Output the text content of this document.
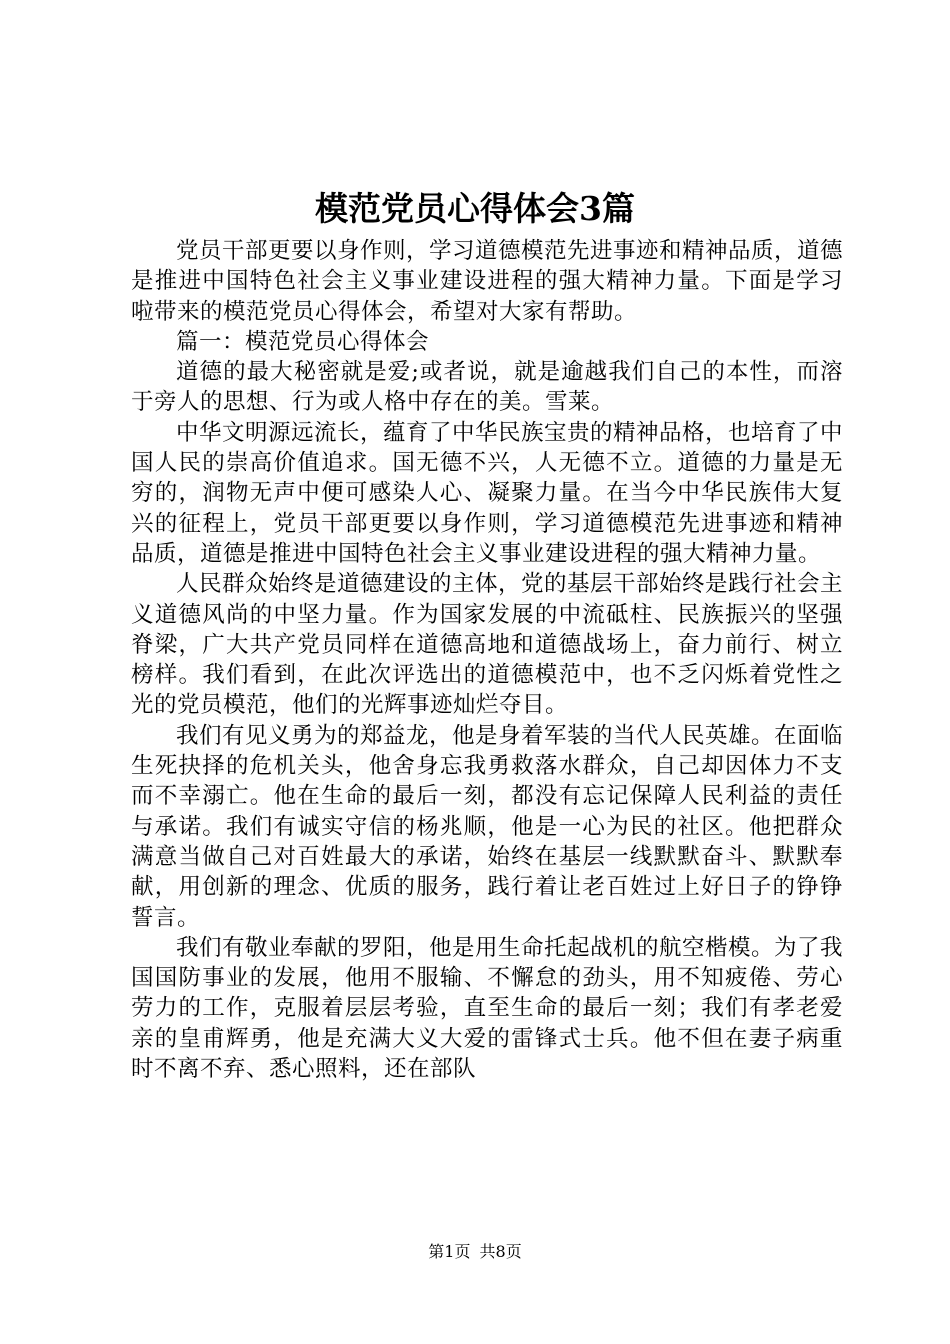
模范党员心得体会3篇

党员干部更要以身作则，学习道德模范先进事迹和精神品质，道德是推进中国特色社会主义事业建设进程的强大精神力量。下面是学习啦带来的模范党员心得体会，希望对大家有帮助。

篇一：模范党员心得体会

道德的最大秘密就是爱;或者说，就是逾越我们自己的本性，而溶于旁人的思想、行为或人格中存在的美。雪莱。

中华文明源远流长，蕴育了中华民族宝贵的精神品格，也培育了中国人民的崇高价值追求。国无德不兴，人无德不立。道德的力量是无穷的，润物无声中便可感染人心、凝聚力量。在当今中华民族伟大复兴的征程上，党员干部更要以身作则，学习道德模范先进事迹和精神品质，道德是推进中国特色社会主义事业建设进程的强大精神力量。

人民群众始终是道德建设的主体，党的基层干部始终是践行社会主义道德风尚的中坚力量。作为国家发展的中流砥柱、民族振兴的坚强脊梁，广大共产党员同样在道德高地和道德战场上，奋力前行、树立榜样。我们看到，在此次评选出的道德模范中，也不乏闪烁着党性之光的党员模范，他们的光辉事迹灿烂夺目。

我们有见义勇为的郑益龙，他是身着军装的当代人民英雄。在面临生死抉择的危机关头，他舍身忘我勇救落水群众，自己却因体力不支而不幸溺亡。他在生命的最后一刻，都没有忘记保障人民利益的责任与承诺。我们有诚实守信的杨兆顺，他是一心为民的社区。他把群众满意当做自己对百姓最大的承诺，始终在基层一线默默奋斗、默默奉献，用创新的理念、优质的服务，践行着让老百姓过上好日子的铮铮誓言。

我们有敬业奉献的罗阳，他是用生命托起战机的航空楷模。为了我国国防事业的发展，他用不服输、不懈怠的劲头，用不知疲倦、劳心劳力的工作，克服着层层考验，直至生命的最后一刻；我们有孝老爱亲的皇甫辉勇，他是充满大义大爱的雷锋式士兵。他不但在妻子病重时不离不弃、悉心照料，还在部队

第1页 共8页
